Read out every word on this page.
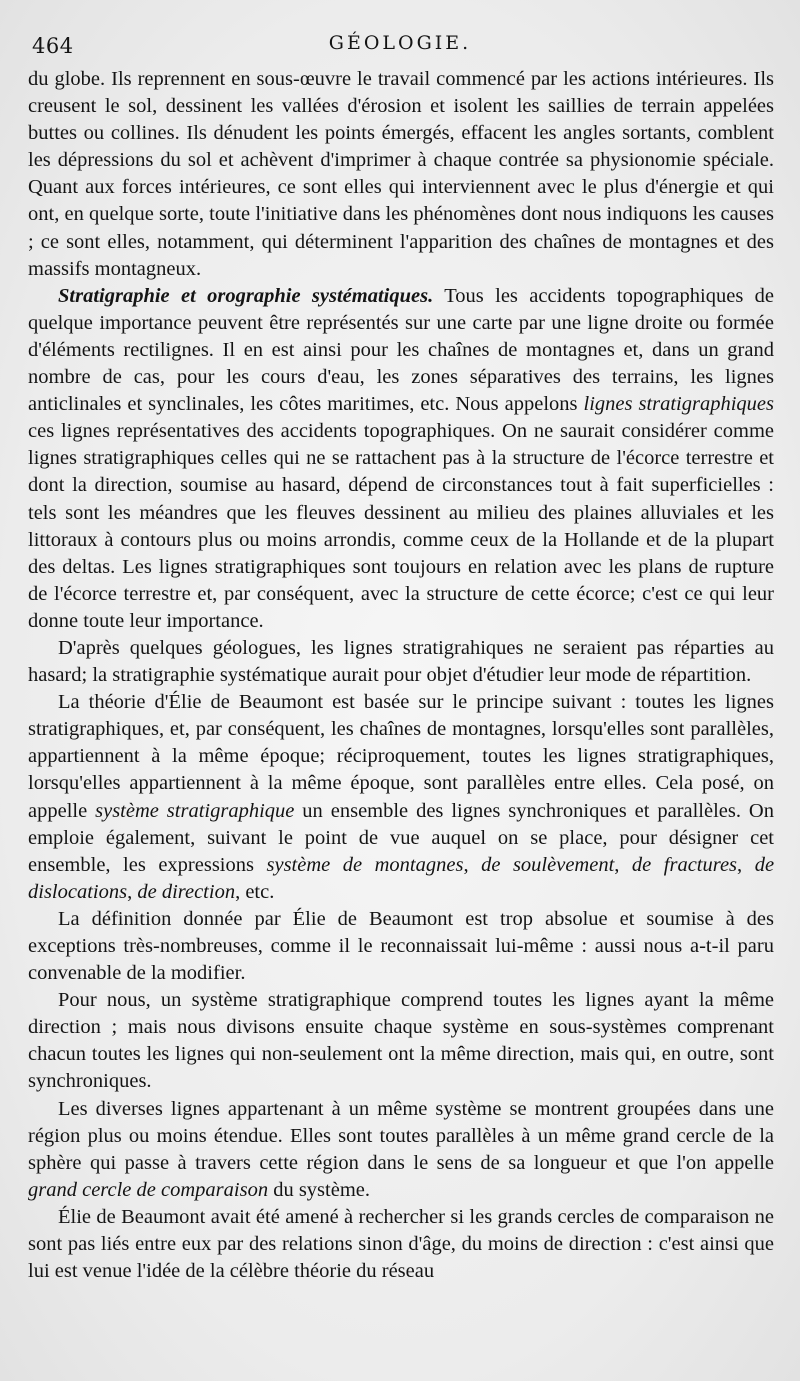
464	GÉOLOGIE.

du globe. Ils reprennent en sous-œuvre le travail commencé par les actions intérieures. Ils creusent le sol, dessinent les vallées d'érosion et isolent les saillies de terrain appelées buttes ou collines. Ils dénudent les points émergés, effacent les angles sortants, comblent les dépressions du sol et achèvent d'imprimer à chaque contrée sa physionomie spéciale. Quant aux forces intérieures, ce sont elles qui interviennent avec le plus d'énergie et qui ont, en quelque sorte, toute l'initiative dans les phénomènes dont nous indiquons les causes ; ce sont elles, notamment, qui déterminent l'apparition des chaînes de montagnes et des massifs montagneux.

Stratigraphie et orographie systématiques. Tous les accidents topographiques de quelque importance peuvent être représentés sur une carte par une ligne droite ou formée d'éléments rectilignes. Il en est ainsi pour les chaînes de montagnes et, dans un grand nombre de cas, pour les cours d'eau, les zones séparatives des terrains, les lignes anticlinales et synclinales, les côtes maritimes, etc. Nous appelons lignes stratigraphiques ces lignes représentatives des accidents topographiques. On ne saurait considérer comme lignes stratigraphiques celles qui ne se rattachent pas à la structure de l'écorce terrestre et dont la direction, soumise au hasard, dépend de circonstances tout à fait superficielles : tels sont les méandres que les fleuves dessinent au milieu des plaines alluviales et les littoraux à contours plus ou moins arrondis, comme ceux de la Hollande et de la plupart des deltas. Les lignes stratigraphiques sont toujours en relation avec les plans de rupture de l'écorce terrestre et, par conséquent, avec la structure de cette écorce; c'est ce qui leur donne toute leur importance.

D'après quelques géologues, les lignes stratigrahiques ne seraient pas réparties au hasard; la stratigraphie systématique aurait pour objet d'étudier leur mode de répartition.

La théorie d'Élie de Beaumont est basée sur le principe suivant : toutes les lignes stratigraphiques, et, par conséquent, les chaînes de montagnes, lorsqu'elles sont parallèles, appartiennent à la même époque; réciproquement, toutes les lignes stratigraphiques, lorsqu'elles appartiennent à la même époque, sont parallèles entre elles. Cela posé, on appelle système stratigraphique un ensemble des lignes synchroniques et parallèles. On emploie également, suivant le point de vue auquel on se place, pour désigner cet ensemble, les expressions système de montagnes, de soulèvement, de fractures, de dislocations, de direction, etc.

La définition donnée par Élie de Beaumont est trop absolue et soumise à des exceptions très-nombreuses, comme il le reconnaissait lui-même : aussi nous a-t-il paru convenable de la modifier.

Pour nous, un système stratigraphique comprend toutes les lignes ayant la même direction ; mais nous divisons ensuite chaque système en sous-systèmes comprenant chacun toutes les lignes qui non-seulement ont la même direction, mais qui, en outre, sont synchroniques.

Les diverses lignes appartenant à un même système se montrent groupées dans une région plus ou moins étendue. Elles sont toutes parallèles à un même grand cercle de la sphère qui passe à travers cette région dans le sens de sa longueur et que l'on appelle grand cercle de comparaison du système.

Élie de Beaumont avait été amené à rechercher si les grands cercles de comparaison ne sont pas liés entre eux par des relations sinon d'âge, du moins de direction : c'est ainsi que lui est venue l'idée de la célèbre théorie du réseau
